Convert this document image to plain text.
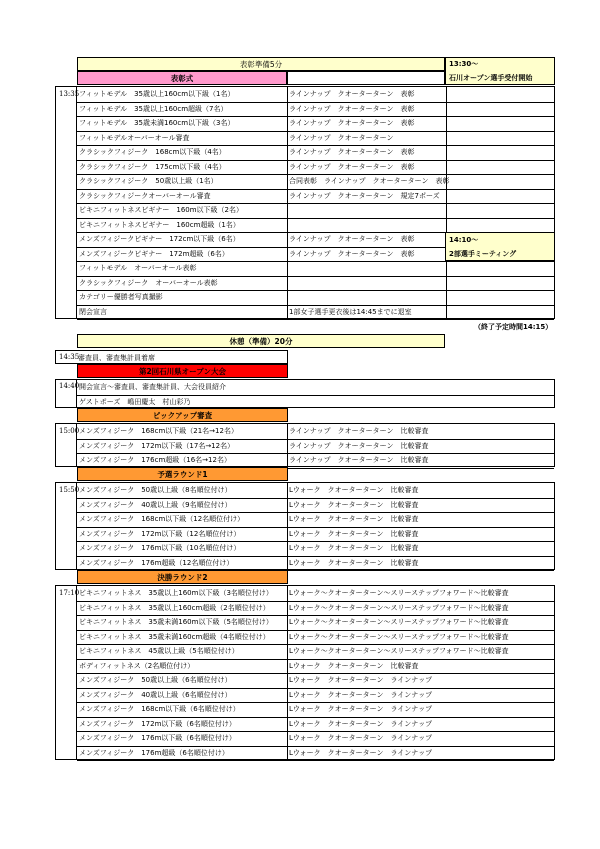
表彰準備5分	13:30〜
石川オープン選手受付開始
表彰式
13:35 フィットモデル　35歳以上160cm以下級（1名）	ラインナップ　クオーターターン　表彰
フィットモデル　35歳以上160cm超級（7名）	ラインナップ　クオーターターン　表彰
フィットモデル　35歳未満160cm以下級（3名）	ラインナップ　クオーターターン　表彰
フィットモデルオーバーオール審査	ラインナップ　クオーターターン
クラシックフィジーク　168cm以下級（4名）	ラインナップ　クオーターターン　表彰
クラシックフィジーク　175cm以下級（4名）	ラインナップ　クオーターターン　表彰
クラシックフィジーク　50歳以上級（1名）	合同表彰　ラインナップ　クオーターターン　表彰
クラシックフィジークオーバーオール審査	ラインナップ　クオーターターン　規定7ポーズ
ビキニフィットネスビギナー　160m以下級（2名）
ビキニフィットネスビギナー　160cm超級（1名）
メンズフィジークビギナー　172cm以下級（6名）	ラインナップ　クオーターターン　表彰
メンズフィジークビギナー　172m超級（6名）	ラインナップ　クオーターターン　表彰
フィットモデル　オーバーオール表彰
クラシックフィジーク　オーバーオール表彰
カテゴリー優勝者写真撮影
閉会宣言	1部女子選手更衣後は14:45までに退室
14:10〜
2部選手ミーティング
（終了予定時間14:15）
休憩（準備）20分
14:35
審査員、審査集計員着席
第2回石川県オープン大会
14:40 開会宣言〜審査員、審査集計員、大会役員紹介
ゲストポーズ　嶋田慶太　村山彩乃
ピックアップ審査
15:00 メンズフィジーク　168cm以下級（21名→12名）	ラインナップ　クオーターターン　比較審査
メンズフィジーク　172m以下級（17名→12名）	ラインナップ　クオーターターン　比較審査
メンズフィジーク　176cm超級（16名→12名）	ラインナップ　クオーターターン　比較審査
予選ラウンド1
15:50 メンズフィジーク　50歳以上級（8名順位付け）	Lウォーク　クオーターターン　比較審査
メンズフィジーク　40歳以上級（9名順位付け）	Lウォーク　クオーターターン　比較審査
メンズフィジーク　168cm以下級（12名順位付け）	Lウォーク　クオーターターン　比較審査
メンズフィジーク　172m以下級（12名順位付け）	Lウォーク　クオーターターン　比較審査
メンズフィジーク　176m以下級（10名順位付け）	Lウォーク　クオーターターン　比較審査
メンズフィジーク　176m超級（12名順位付け）	Lウォーク　クオーターターン　比較審査
決勝ラウンド2
17:10 ビキニフィットネス　35歳以上160m以下級（3名順位付け） Lウォーク〜クオーターターン〜スリーステップフォワード〜比較審査
ビキニフィットネス　35歳以上160cm超級（2名順位付け）	Lウォーク〜クオーターターン〜スリーステップフォワード〜比較審査
ビキニフィットネス　35歳未満160m以下級（5名順位付け） Lウォーク〜クオーターターン〜スリーステップフォワード〜比較審査
ビキニフィットネス　35歳未満160cm超級（4名順位付け）	Lウォーク〜クオーターターン〜スリーステップフォワード〜比較審査
ビキニフィットネス　45歳以上級（5名順位付け）	Lウォーク〜クオーターターン〜スリーステップフォワード〜比較審査
ボディフィットネス（2名順位付け）	Lウォーク　クオーターターン　比較審査
メンズフィジーク　50歳以上級（6名順位付け）	Lウォーク　クオーターターン　ラインナップ
メンズフィジーク　40歳以上級（6名順位付け）	Lウォーク　クオーターターン　ラインナップ
メンズフィジーク　168cm以下級（6名順位付け）	Lウォーク　クオーターターン　ラインナップ
メンズフィジーク　172m以下級（6名順位付け）	Lウォーク　クオーターターン　ラインナップ
メンズフィジーク　176m以下級（6名順位付け）	Lウォーク　クオーターターン　ラインナップ
メンズフィジーク　176m超級（6名順位付け）	Lウォーク　クオーターターン　ラインナップ
